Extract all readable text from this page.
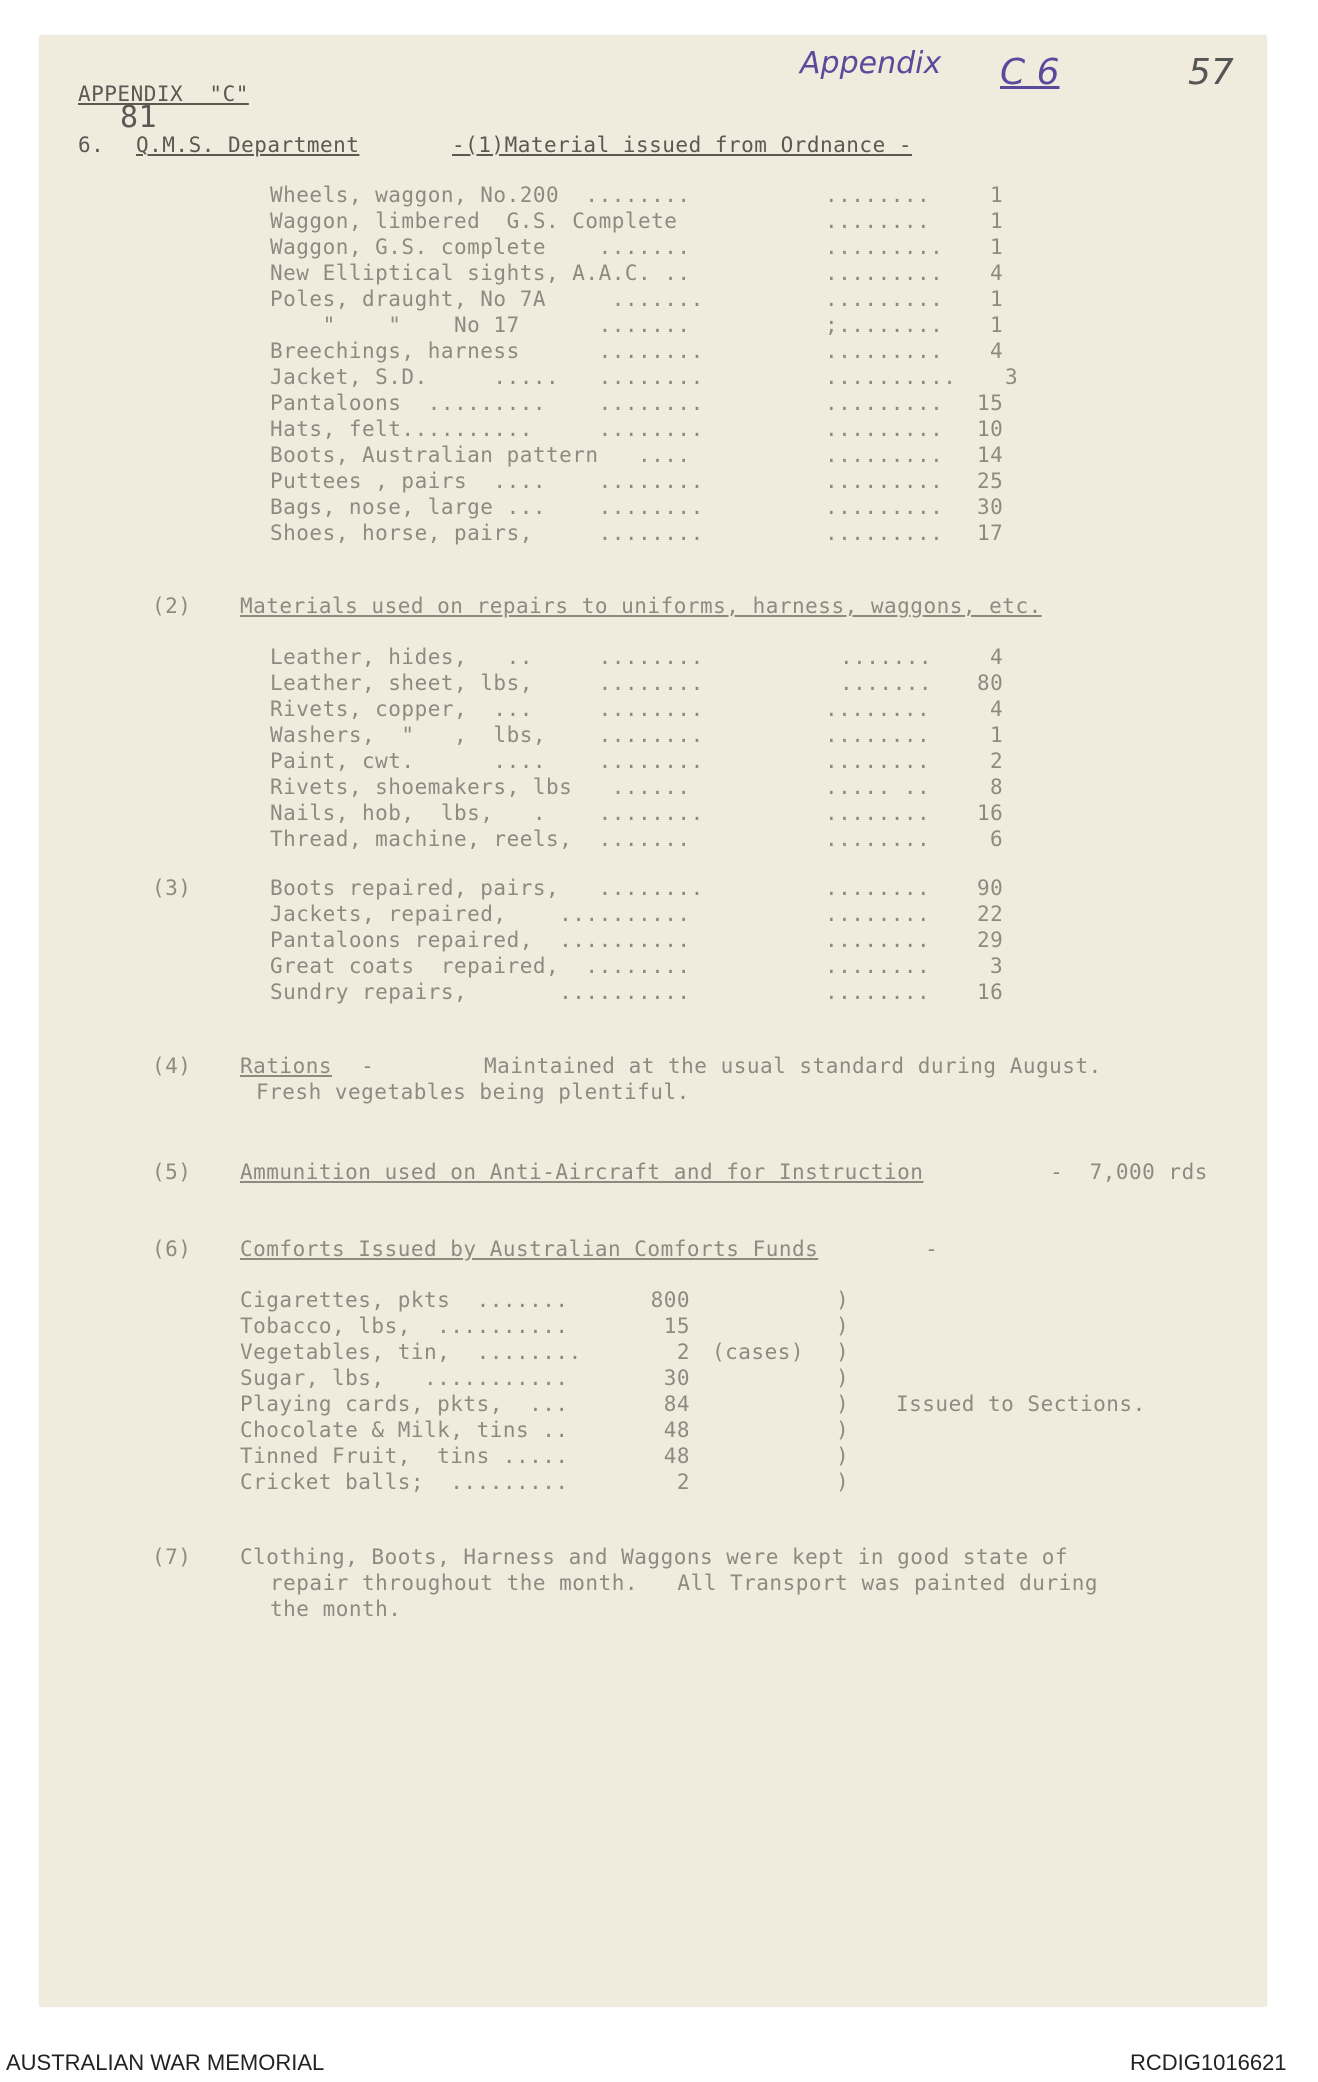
APPENDIX  "C"
81
Appendix C 6	57
6. Q.M.S. Department	-(1)Material issued from Ordnance -
Wheels, waggon, No.200  ........	........	1
Waggon, limbered  G.S. Complete	........	1
Waggon, G.S. complete    .......	......... 1
New Elliptical sights, A.A.C. ..	......... 4
Poles, draught, No 7A     .......	......... 1
"    "    No 17      .......	;........ 1
Breechings, harness      ........	......... 4
Jacket, S.D.     .....   ........	.......... 3
Pantaloons  .........    ........	......... 15
Hats, felt..........     ........	......... 10
Boots, Australian pattern   ....	......... 14
Puttees , pairs  ....    ........	......... 25
Bags, nose, large ...    ........	......... 30
Shoes, horse, pairs,     ........	......... 17
(2) Materials used on repairs to uniforms, harness, waggons, etc.
Leather, hides,   ..     ........	.......	4
Leather, sheet, lbs,     ........	....... 80
Rivets, copper,  ...     ........	........	4
Washers,  "   ,  lbs,    ........	........	1
Paint, cwt.      ....    ........	........	2
Rivets, shoemakers, lbs   ......	..... ..	8
Nails, hob,  lbs,   .    ........	........ 16
Thread, machine, reels,  .......	........	6
(3)	Boots repaired, pairs,   ........	........ 90
Jackets, repaired,    ..........	........ 22
Pantaloons repaired,  ..........	........ 29
Great coats  repaired,  ........	........	3
Sundry repairs,       ..........	........ 16
(4) Rations -	Maintained at the usual standard during August.
Fresh vegetables being plentiful.
(5) Ammunition used on Anti-Aircraft and for Instruction	-  7,000 rds
(6) Comforts Issued by Australian Comforts Funds	-
Cigarettes, pkts  .......	800	)
Tobacco, lbs,  ..........	15	)
Vegetables, tin,  ........	2 (cases) )
Sugar, lbs,   ...........	30	)
Playing cards, pkts,  ...	84	)
Chocolate & Milk, tins ..	48	)
Tinned Fruit,  tins .....	48	)
Cricket balls;  .........	2	)
Issued to Sections.
(7) Clothing, Boots, Harness and Waggons were kept in good state of
repair throughout the month.   All Transport was painted during
the month.
AUSTRALIAN WAR MEMORIAL	RCDIG1016621
